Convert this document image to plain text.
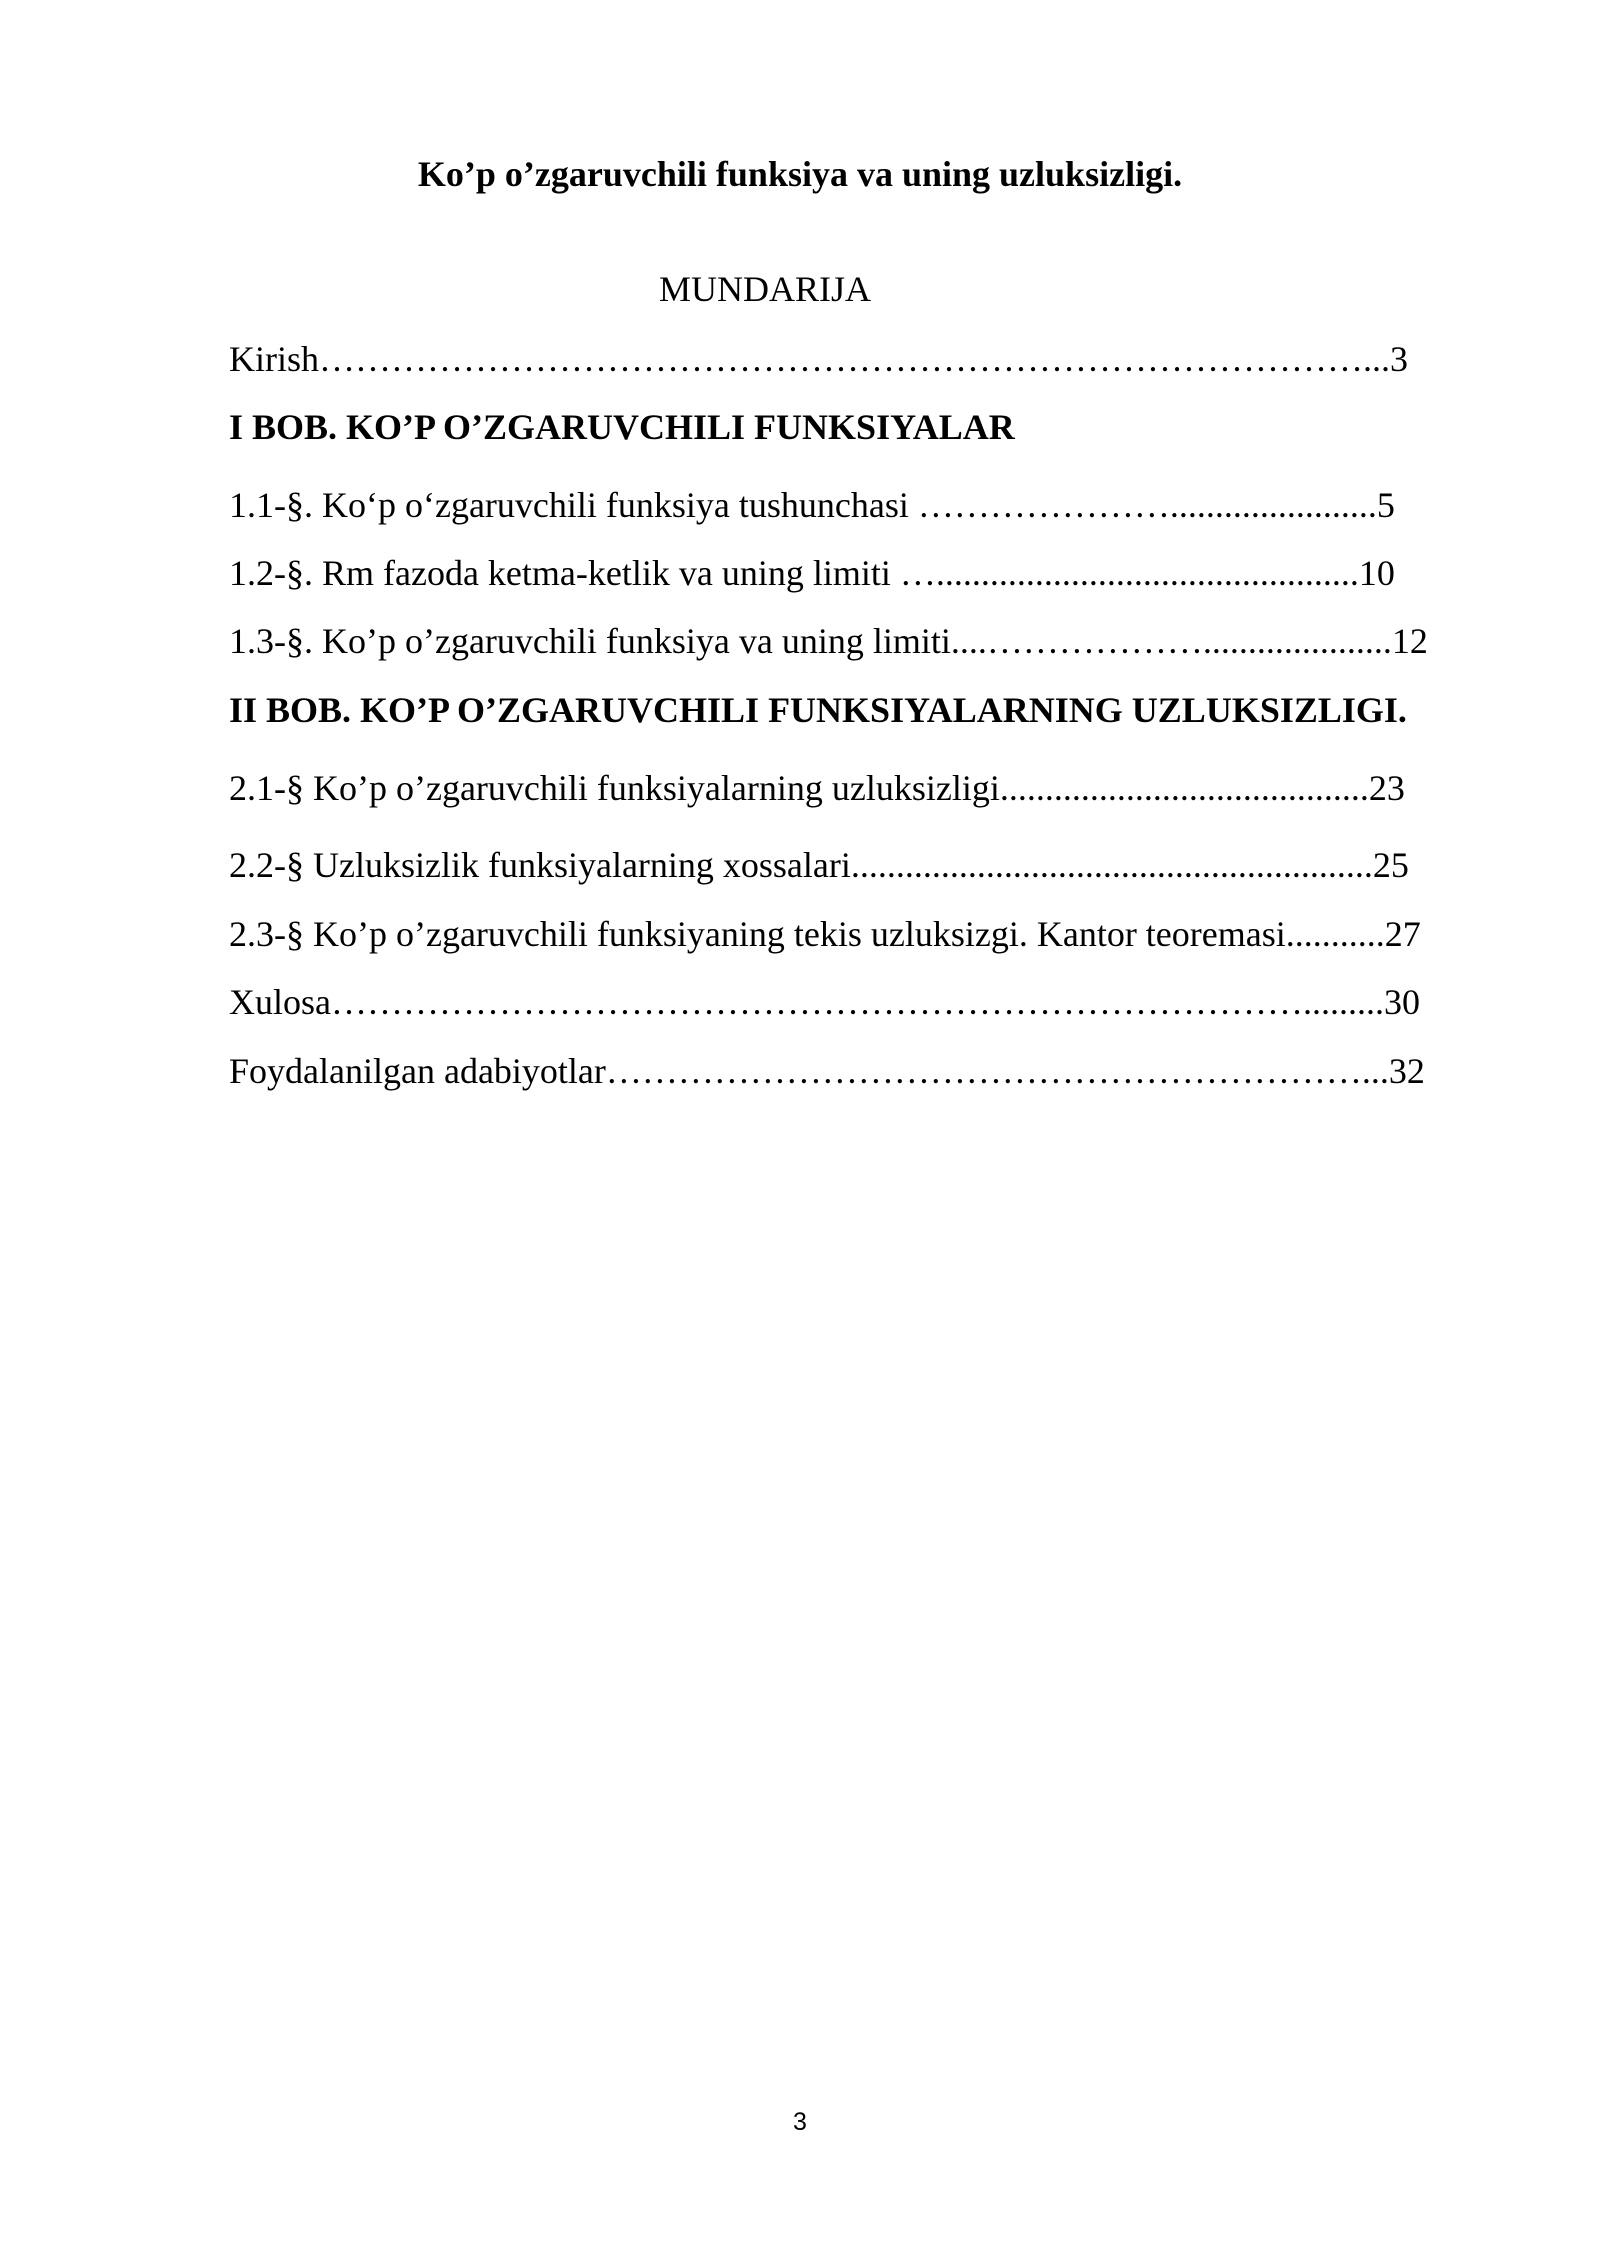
Ko’p o’zgaruvchili funksiya va uning uzluksizligi.
MUNDARIJA
Kirish……………………………………………………………………………...3
I BOB. KO’P O’ZGARUVCHILI FUNKSIYALAR
1.1-§. Ko‘p o‘zgaruvchili funksiya tushunchasi ………………….......................5
1.2-§. Rm fazoda ketma-ketlik va uning limiti …...............................................10
1.3-§. Ko’p o’zgaruvchili funksiya va uning limiti....……………….....................12
II BOB. KO’P O’ZGARUVCHILI FUNKSIYALARNING UZLUKSIZLIGI.
2.1-§ Ko’p o’zgaruvchili funksiyalarning uzluksizligi.........................................23
2.2-§ Uzluksizlik funksiyalarning xossalari..........................................................25
2.3-§ Ko’p o’zgaruvchili funksiyaning tekis uzluksizgi. Kantor teoremasi...........27
Xulosa……………………………………………………………………….........30
Foydalanilgan adabiyotlar………………………………………………………...32
3
